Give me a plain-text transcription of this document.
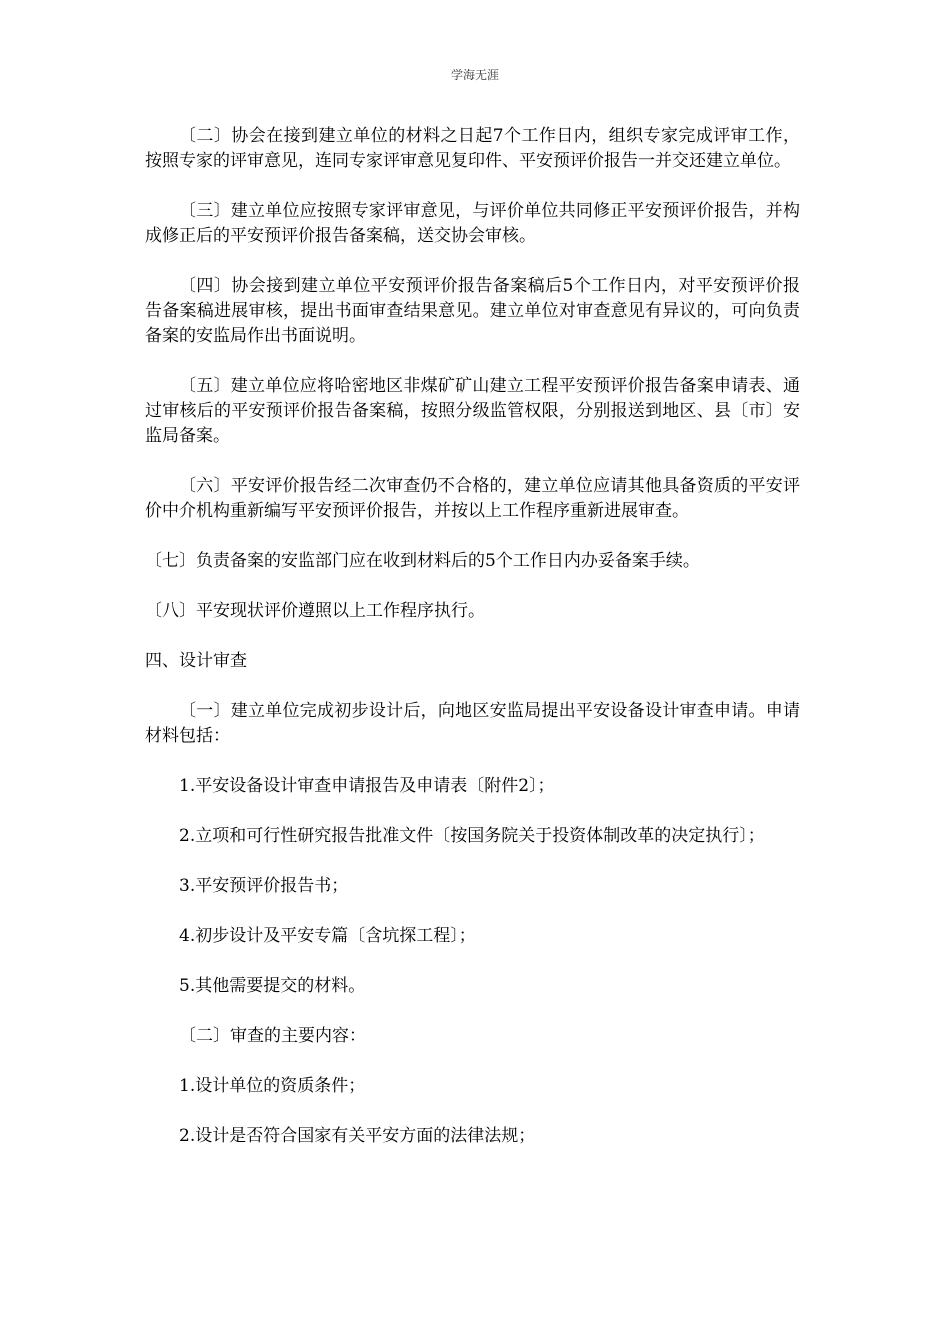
学海无涯

〔二〕协会在接到建立单位的材料之日起7个工作日内，组织专家完成评审工作，按照专家的评审意见，连同专家评审意见复印件、平安预评价报告一并交还建立单位。

〔三〕建立单位应按照专家评审意见，与评价单位共同修正平安预评价报告，并构成修正后的平安预评价报告备案稿，送交协会审核。

〔四〕协会接到建立单位平安预评价报告备案稿后5个工作日内，对平安预评价报告备案稿进展审核，提出书面审查结果意见。建立单位对审查意见有异议的，可向负责备案的安监局作出书面说明。

〔五〕建立单位应将哈密地区非煤矿矿山建立工程平安预评价报告备案申请表、通过审核后的平安预评价报告备案稿，按照分级监管权限，分别报送到地区、县〔市〕安监局备案。

〔六〕平安评价报告经二次审查仍不合格的，建立单位应请其他具备资质的平安评价中介机构重新编写平安预评价报告，并按以上工作程序重新进展审查。

〔七〕负责备案的安监部门应在收到材料后的5个工作日内办妥备案手续。

〔八〕平安现状评价遵照以上工作程序执行。

四、设计审查

〔一〕建立单位完成初步设计后，向地区安监局提出平安设备设计审查申请。申请材料包括：

1.平安设备设计审查申请报告及申请表〔附件2〕；

2.立项和可行性研究报告批准文件〔按国务院关于投资体制改革的决定执行〕；

3.平安预评价报告书；

4.初步设计及平安专篇〔含坑探工程〕；

5.其他需要提交的材料。

〔二〕审查的主要内容：

1.设计单位的资质条件；

2.设计是否符合国家有关平安方面的法律法规；
